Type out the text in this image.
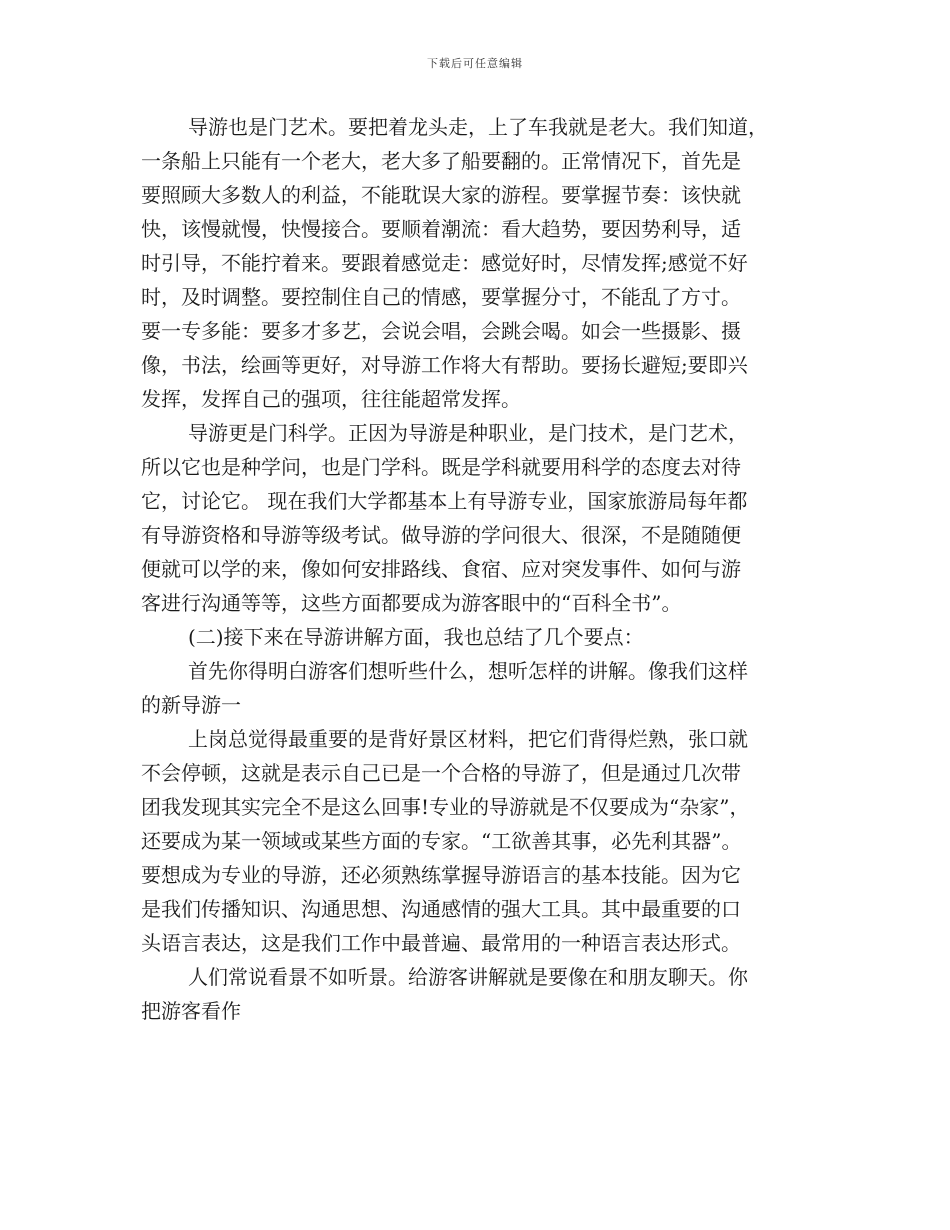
下载后可任意编辑
导游也是门艺术。要把着龙头走，上了车我就是老大。我们知道，
一条船上只能有一个老大，老大多了船要翻的。正常情况下，首先是
要照顾大多数人的利益，不能耽误大家的游程。要掌握节奏：该快就
快，该慢就慢，快慢接合。要顺着潮流：看大趋势，要因势利导，适
时引导，不能拧着来。要跟着感觉走：感觉好时，尽情发挥;感觉不好
时，及时调整。要控制住自己的情感，要掌握分寸，不能乱了方寸。
要一专多能：要多才多艺，会说会唱，会跳会喝。如会一些摄影、摄
像，书法，绘画等更好，对导游工作将大有帮助。要扬长避短;要即兴
发挥，发挥自己的强项，往往能超常发挥。
导游更是门科学。正因为导游是种职业，是门技术，是门艺术，
所以它也是种学问，也是门学科。既是学科就要用科学的态度去对待
它，讨论它。 现在我们大学都基本上有导游专业，国家旅游局每年都
有导游资格和导游等级考试。做导游的学问很大、很深，不是随随便
便就可以学的来，像如何安排路线、食宿、应对突发事件、如何与游
客进行沟通等等，这些方面都要成为游客眼中的“百科全书”。
(二)接下来在导游讲解方面，我也总结了几个要点：
首先你得明白游客们想听些什么，想听怎样的讲解。像我们这样
的新导游一
上岗总觉得最重要的是背好景区材料，把它们背得烂熟，张口就
不会停顿，这就是表示自己已是一个合格的导游了，但是通过几次带
团我发现其实完全不是这么回事!专业的导游就是不仅要成为“杂家”，
还要成为某一领域或某些方面的专家。“工欲善其事，必先利其器”。
要想成为专业的导游，还必须熟练掌握导游语言的基本技能。因为它
是我们传播知识、沟通思想、沟通感情的强大工具。其中最重要的口
头语言表达，这是我们工作中最普遍、最常用的一种语言表达形式。
人们常说看景不如听景。给游客讲解就是要像在和朋友聊天。你
把游客看作
